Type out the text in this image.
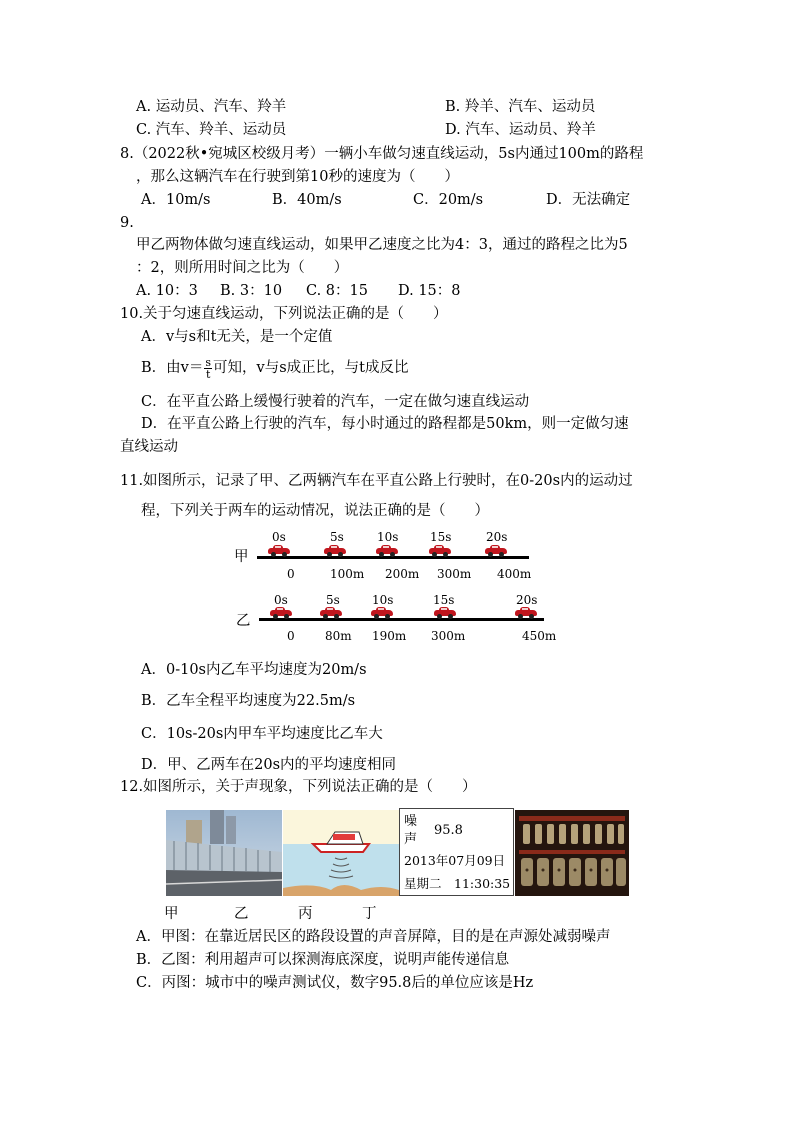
A. 运动员、汽车、羚羊	B. 羚羊、汽车、运动员
C. 汽车、羚羊、运动员	D. 汽车、运动员、羚羊
8.（2022秋•宛城区校级月考）一辆小车做匀速直线运动，5s内通过100m的路程
，那么这辆汽车在行驶到第10秒的速度为（　　）
A．10m/s	B．40m/s	C．20m/s	D．无法确定
9.
甲乙两物体做匀速直线运动，如果甲乙速度之比为4：3，通过的路程之比为5
：2，则所用时间之比为（　　）
A. 10：3 B. 3：10 C. 8：15 D. 15：8
10.关于匀速直线运动，下列说法正确的是（　　）
A．v与s和t无关，是一个定值
B．由$v= \frac{s}{t}$ 可知，v与s成正比，与t成反比
C．在平直公路上缓慢行驶着的汽车，一定在做匀速直线运动
D．在平直公路上行驶的汽车，每小时通过的路程都是50km，则一定做匀速
直线运动
11.如图所示，记录了甲、乙两辆汽车在平直公路上行驶时，在0-20s内的运动过
程，下列关于两车的运动情况，说法正确的是（　　）
甲
0s	5s	10s	15s	20s
0	100m 200m 300m 400m
乙
0s	5s	10s	15s	20s
0	80m 190m 300m	450m
A．0-10s内乙车平均速度为20m/s
B．乙车全程平均速度为22.5m/s
C．10s-20s内甲车平均速度比乙车大
D．甲、乙两车在20s内的平均速度相同
12.如图所示，关于声现象，下列说法正确的是（　　）
噪
声
95.8
2013年07月09日
星期二　11:30:35
甲	乙	丙	丁
A．甲图：在靠近居民区的路段设置的声音屏障，目的是在声源处减弱噪声
B．乙图：利用超声可以探测海底深度，说明声能传递信息
C．丙图：城市中的噪声测试仪，数字95.8后的单位应该是Hz
